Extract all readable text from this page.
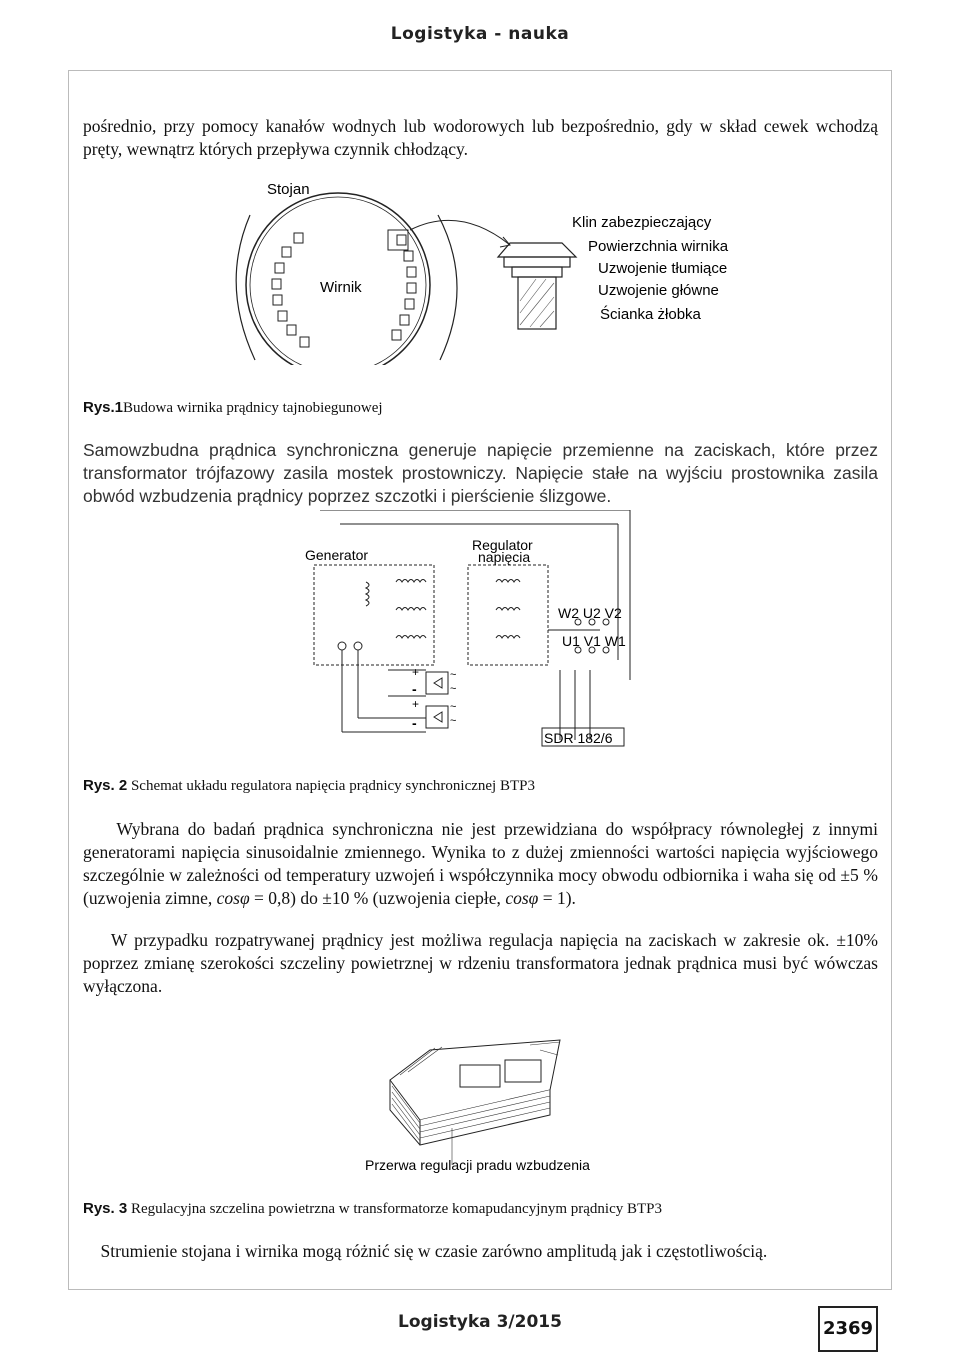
Logistyka - nauka
pośrednio, przy pomocy kanałów wodnych lub wodorowych lub bezpośrednio, gdy w skład cewek wchodzą pręty, wewnątrz których przepływa czynnik chłodzący.
Stojan
Wirnik
Klin zabezpieczający
Powierzchnia wirnika
Uzwojenie tłumiące
Uzwojenie główne
Ścianka żłobka
Rys.1Budowa wirnika prądnicy tajnobiegunowej
Samowzbudna prądnica synchroniczna generuje napięcie przemienne na zaciskach, które przez transformator trójfazowy zasila mostek prostowniczy. Napięcie stałe na wyjściu prostownika zasila obwód wzbudzenia prądnicy poprzez szczotki i pierścienie ślizgowe.
Generator
Regulator
napięcia
W2 U2 V2
U1 V1 W1
SDR 182/6
+
-
+
-
~
~
~
~
Rys. 2 Schemat układu regulatora napięcia prądnicy synchronicznej BTP3
Wybrana do badań prądnica synchroniczna nie jest przewidziana do współpracy równoległej z innymi generatorami napięcia sinusoidalnie zmiennego. Wynika to z dużej zmienności wartości napięcia wyjściowego szczególnie w zależności od temperatury uzwojeń i współczynnika mocy obwodu odbiornika i waha się od ±5 % (uzwojenia zimne, cosφ = 0,8) do ±10 % (uzwojenia ciepłe, cosφ = 1).
W przypadku rozpatrywanej prądnicy jest możliwa regulacja napięcia na zaciskach w zakresie ok. ±10% poprzez zmianę szerokości szczeliny powietrznej w rdzeniu transformatora jednak prądnica musi być wówczas wyłączona.
Przerwa regulacji pradu wzbudzenia
Rys. 3 Regulacyjna szczelina powietrzna w transformatorze komapudancyjnym prądnicy BTP3
Strumienie stojana i wirnika mogą różnić się w czasie zarówno amplitudą jak i częstotliwością.
Logistyka 3/2015	2369
